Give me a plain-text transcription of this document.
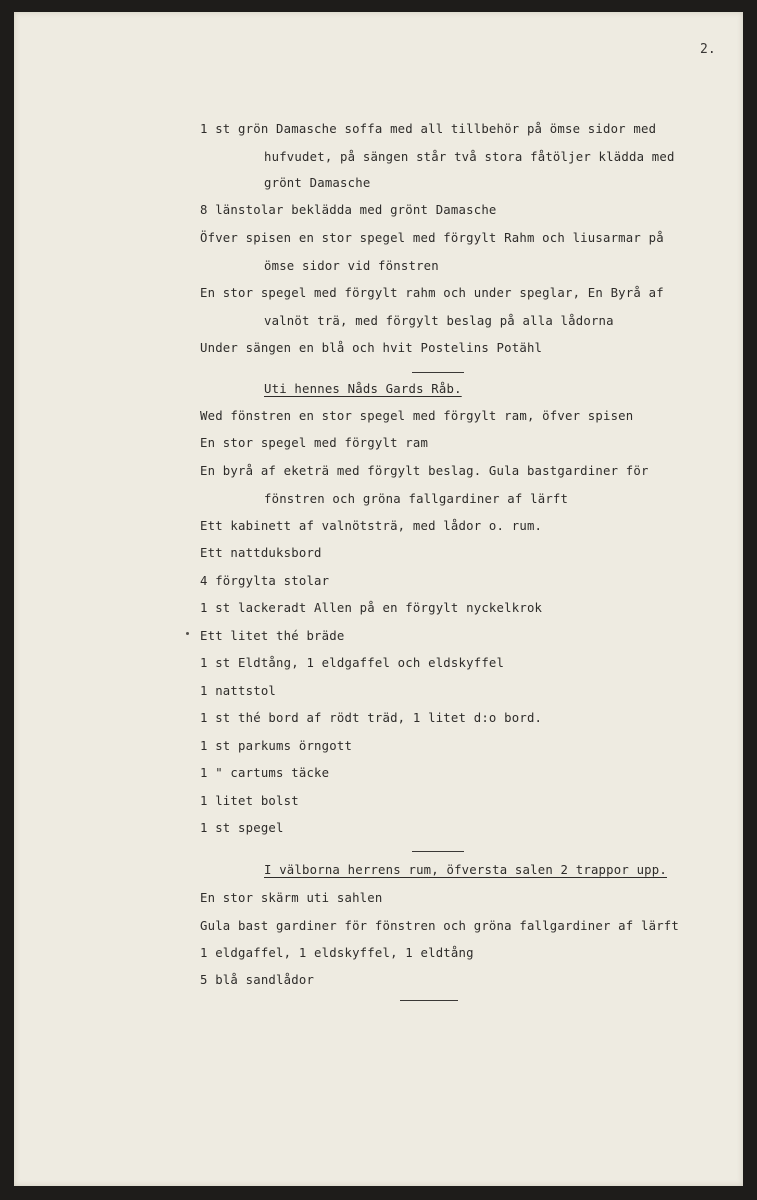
2.
1 st grön Damasche soffa med all tillbehör på ömse sidor med
hufvudet, på sängen står två stora fåtöljer klädda med
grönt Damasche
8 länstolar beklädda med grönt Damasche
Öfver spisen en stor spegel med förgylt Rahm och liusarmar på
ömse sidor vid fönstren
En stor spegel med förgylt rahm och under speglar, En Byrå af
valnöt trä, med förgylt beslag på alla lådorna
Under sängen en blå och hvit Postelins Potähl
Uti hennes Nåds Gards Råb.
Wed fönstren en stor spegel med förgylt ram, öfver spisen
En stor spegel med förgylt ram
En byrå af eketrä med förgylt beslag. Gula bastgardiner för
fönstren och gröna fallgardiner af lärft
Ett kabinett af valnötsträ, med lådor o. rum.
Ett nattduksbord
4 förgylta stolar
1 st lackeradt Allen på en förgylt nyckelkrok
Ett litet thé bräde
1 st Eldtång, 1 eldgaffel och eldskyffel
1 nattstol
1 st thé bord af rödt träd, 1 litet d:o bord.
1 st parkums örngott
1 " cartums täcke
1 litet bolst
1 st spegel
I välborna herrens rum, öfversta salen 2 trappor upp.
En stor skärm uti sahlen
Gula bast gardiner för fönstren och gröna fallgardiner af lärft
1 eldgaffel, 1 eldskyffel, 1 eldtång
5 blå sandlådor
